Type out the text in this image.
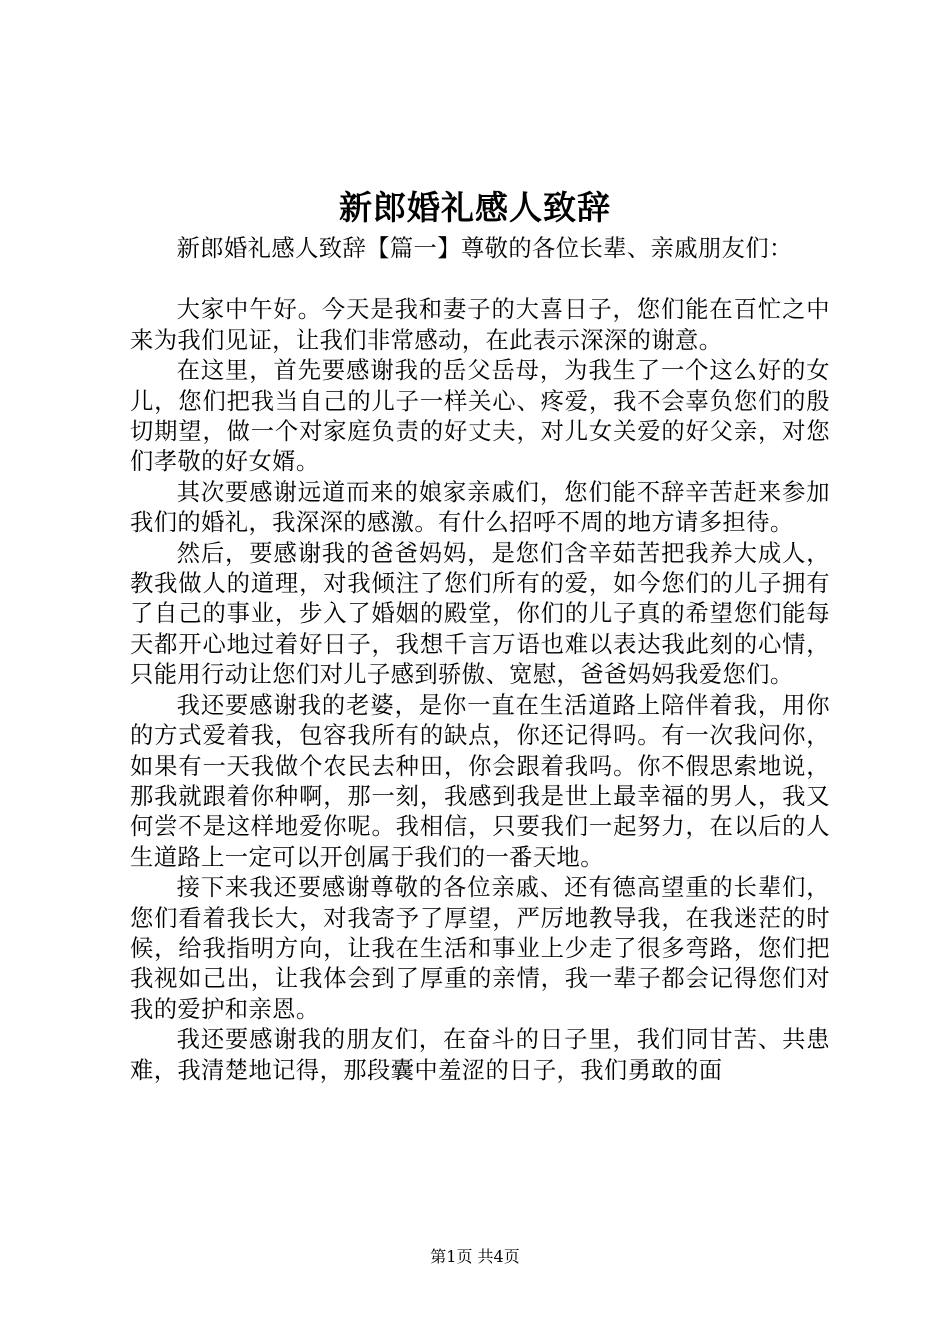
新郎婚礼感人致辞

新郎婚礼感人致辞【篇一】尊敬的各位长辈、亲戚朋友们：

大家中午好。今天是我和妻子的大喜日子，您们能在百忙之中来为我们见证，让我们非常感动，在此表示深深的谢意。

在这里，首先要感谢我的岳父岳母，为我生了一个这么好的女儿，您们把我当自己的儿子一样关心、疼爱，我不会辜负您们的殷切期望，做一个对家庭负责的好丈夫，对儿女关爱的好父亲，对您们孝敬的好女婿。

其次要感谢远道而来的娘家亲戚们，您们能不辞辛苦赶来参加我们的婚礼，我深深的感激。有什么招呼不周的地方请多担待。

然后，要感谢我的爸爸妈妈，是您们含辛茹苦把我养大成人，教我做人的道理，对我倾注了您们所有的爱，如今您们的儿子拥有了自己的事业，步入了婚姻的殿堂，你们的儿子真的希望您们能每天都开心地过着好日子，我想千言万语也难以表达我此刻的心情，只能用行动让您们对儿子感到骄傲、宽慰，爸爸妈妈我爱您们。

我还要感谢我的老婆，是你一直在生活道路上陪伴着我，用你的方式爱着我，包容我所有的缺点，你还记得吗。有一次我问你，如果有一天我做个农民去种田，你会跟着我吗。你不假思索地说，那我就跟着你种啊，那一刻，我感到我是世上最幸福的男人，我又何尝不是这样地爱你呢。我相信，只要我们一起努力，在以后的人生道路上一定可以开创属于我们的一番天地。

接下来我还要感谢尊敬的各位亲戚、还有德高望重的长辈们，您们看着我长大，对我寄予了厚望，严厉地教导我，在我迷茫的时候，给我指明方向，让我在生活和事业上少走了很多弯路，您们把我视如己出，让我体会到了厚重的亲情，我一辈子都会记得您们对我的爱护和亲恩。

我还要感谢我的朋友们，在奋斗的日子里，我们同甘苦、共患难，我清楚地记得，那段囊中羞涩的日子，我们勇敢的面

第1页 共4页
